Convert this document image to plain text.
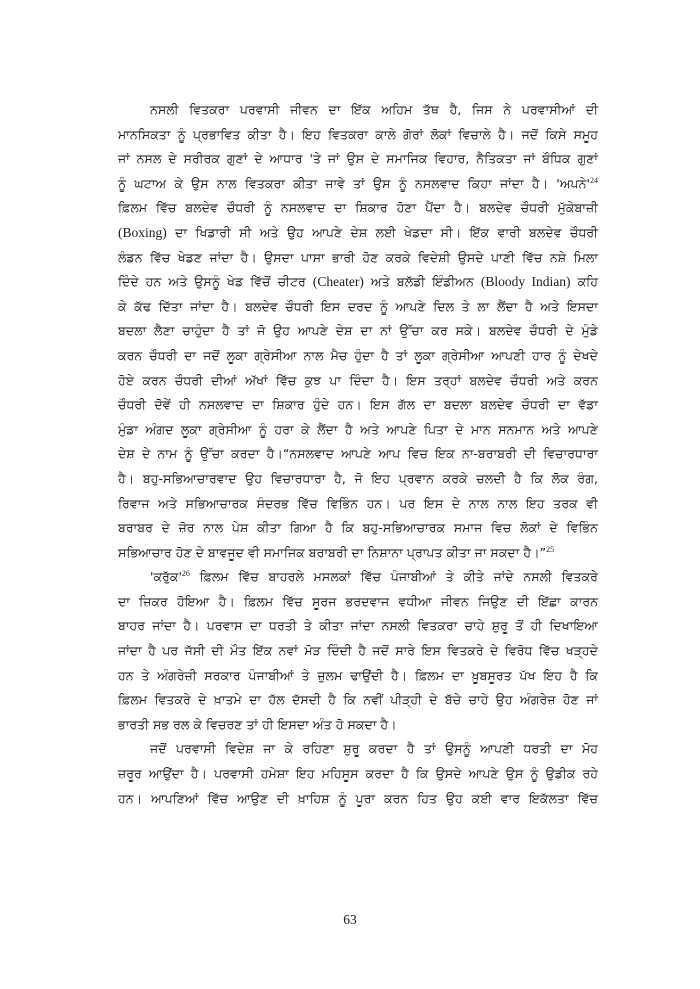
ਨਸਲੀ ਵਿਤਕਰਾ ਪਰਵਾਸੀ ਜੀਵਨ ਦਾ ਇੱਕ ਅਹਿਮ ਤੱਥ ਹੈ, ਜਿਸ ਨੇ ਪਰਵਾਸੀਆਂ ਦੀ
ਮਾਨਸਿਕਤਾ ਨੂੰ ਪ੍ਰਭਾਵਿਤ ਕੀਤਾ ਹੈ। ਇਹ ਵਿਤਕਰਾ ਕਾਲੇ ਗੋਰਾਂ ਲੋਕਾਂ ਵਿਚਾਲੇ ਹੈ। ਜਦੋਂ ਕਿਸੇ ਸਮੂਹ
ਜਾਂ ਨਸਲ ਦੇ ਸਰੀਰਕ ਗੁਣਾਂ ਦੇ ਆਧਾਰ 'ਤੇ ਜਾਂ ਉਸ ਦੇ ਸਮਾਜਿਕ ਵਿਹਾਰ, ਨੈਤਿਕਤਾ ਜਾਂ ਬੌਧਿਕ ਗੁਣਾਂ
ਨੂੰ ਘਟਾਅ ਕੇ ਉਸ ਨਾਲ ਵਿਤਕਰਾ ਕੀਤਾ ਜਾਵੇ ਤਾਂ ਉਸ ਨੂੰ ਨਸਲਵਾਦ ਕਿਹਾ ਜਾਂਦਾ ਹੈ। '$ਅਪਨੇ'^{24}$
ਫ਼ਿਲਮ ਵਿੱਚ ਬਲਦੇਵ ਚੌਧਰੀ ਨੂੰ ਨਸਲਵਾਦ ਦਾ ਸ਼ਿਕਾਰ ਹੋਣਾ ਪੈਂਦਾ ਹੈ। ਬਲਦੇਵ ਚੌਧਰੀ ਮੁੱਕੇਬਾਜ਼ੀ
(Boxing) ਦਾ ਖਿਡਾਰੀ ਸੀ ਅਤੇ ਉਹ ਆਪਣੇ ਦੇਸ਼ ਲਈ ਖੇਡਦਾ ਸੀ। ਇੱਕ ਵਾਰੀ ਬਲਦੇਵ ਚੌਧਰੀ
ਲੰਡਨ ਵਿੱਚ ਖੇਡਣ ਜਾਂਦਾ ਹੈ। ਉਸਦਾ ਪਾਸਾ ਭਾਰੀ ਹੋਣ ਕਰਕੇ ਵਿਦੇਸ਼ੀ ਉਸਦੇ ਪਾਣੀ ਵਿੱਚ ਨਸ਼ੇ ਮਿਲਾ
ਦਿੰਦੇ ਹਨ ਅਤੇ ਉਸਨੂੰ ਖੇਡ ਵਿੱਚੋਂ ਚੀਟਰ (Cheater) ਅਤੇ ਬਲੱਡੀ ਇੰਡੀਅਨ (Bloody Indian) ਕਹਿ
ਕੇ ਕੱਢ ਦਿੱਤਾ ਜਾਂਦਾ ਹੈ। ਬਲਦੇਵ ਚੌਧਰੀ ਇਸ ਦਰਦ ਨੂੰ ਆਪਣੇ ਦਿਲ ਤੇ ਲਾ ਲੈਂਦਾ ਹੈ ਅਤੇ ਇਸਦਾ
ਬਦਲਾ ਲੈਣਾ ਚਾਹੁੰਦਾ ਹੈ ਤਾਂ ਜੋ ਉਹ ਆਪਣੇ ਦੇਸ਼ ਦਾ ਨਾਂ ਉੱਚਾ ਕਰ ਸਕੇ। ਬਲਦੇਵ ਚੌਧਰੀ ਦੇ ਮੁੰਡੇ
ਕਰਨ ਚੌਧਰੀ ਦਾ ਜਦੋਂ ਲੂਕਾ ਗ੍ਰੇਸੀਆ ਨਾਲ ਮੈਚ ਹੁੰਦਾ ਹੈ ਤਾਂ ਲੂਕਾ ਗ੍ਰੇਸੀਆ ਆਪਣੀ ਹਾਰ ਨੂੰ ਦੇਖਦੇ
ਹੋਏ ਕਰਨ ਚੌਧਰੀ ਦੀਆਂ ਅੱਖਾਂ ਵਿੱਚ ਕੁਝ ਪਾ ਦਿੰਦਾ ਹੈ। ਇਸ ਤਰ੍ਹਾਂ ਬਲਦੇਵ ਚੌਧਰੀ ਅਤੇ ਕਰਨ
ਚੌਧਰੀ ਦੋਵੇਂ ਹੀ ਨਸਲਵਾਦ ਦਾ ਸ਼ਿਕਾਰ ਹੁੰਦੇ ਹਨ। ਇਸ ਗੱਲ ਦਾ ਬਦਲਾ ਬਲਦੇਵ ਚੌਧਰੀ ਦਾ ਵੱਡਾ
ਮੁੰਡਾ ਅੰਗਦ ਲੂਕਾ ਗ੍ਰੇਸੀਆ ਨੂੰ ਹਰਾ ਕੇ ਲੈਂਦਾ ਹੈ ਅਤੇ ਆਪਣੇ ਪਿਤਾ ਦੇ ਮਾਨ ਸਨਮਾਨ ਅਤੇ ਆਪਣੇ
ਦੇਸ਼ ਦੇ ਨਾਮ ਨੂੰ ਉੱਚਾ ਕਰਦਾ ਹੈ।“ਨਸਲਵਾਦ ਆਪਣੇ ਆਪ ਵਿਚ ਇਕ ਨਾ-ਬਰਾਬਰੀ ਦੀ ਵਿਚਾਰਧਾਰਾ
ਹੈ। ਬਹੁ-ਸਭਿਆਚਾਰਵਾਦ ਉਹ ਵਿਚਾਰਧਾਰਾ ਹੈ, ਜੋ ਇਹ ਪ੍ਰਵਾਨ ਕਰਕੇ ਚਲਦੀ ਹੈ ਕਿ ਲੋਕ ਰੰਗ,
ਰਿਵਾਜ ਅਤੇ ਸਭਿਆਚਾਰਕ ਸੰਦਰਭ ਵਿੱਚ ਵਿਭਿੰਨ ਹਨ। ਪਰ ਇਸ ਦੇ ਨਾਲ ਨਾਲ ਇਹ ਤਰਕ ਵੀ
ਬਰਾਬਰ ਦੇ ਜ਼ੋਰ ਨਾਲ ਪੇਸ਼ ਕੀਤਾ ਗਿਆ ਹੈ ਕਿ ਬਹੁ-ਸਭਿਆਚਾਰਕ ਸਮਾਜ ਵਿਚ ਲੋਕਾਂ ਦੇ ਵਿਭਿੰਨ
ਸਭਿਆਚਾਰ ਹੋਣ ਦੇ ਬਾਵਜੂਦ ਵੀ ਸਮਾਜਿਕ ਬਰਾਬਰੀ ਦਾ ਨਿਸ਼ਾਨਾ ਪ੍ਰਾਪਤ ਕੀਤਾ ਜਾ ਸਕਦਾ ਹੈ।”$^{25}$
'$ਕਰੁੱਕ'^{26}$ ਫ਼ਿਲਮ ਵਿੱਚ ਬਾਹਰਲੇ ਮਸਲਕਾਂ ਵਿੱਚ ਪੰਜਾਬੀਆਂ ਤੇ ਕੀਤੇ ਜਾਂਦੇ ਨਸਲੀ ਵਿਤਕਰੇ
ਦਾ ਜ਼ਿਕਰ ਹੋਇਆ ਹੈ। ਫ਼ਿਲਮ ਵਿੱਚ ਸੂਰਜ ਭਰਦਵਾਜ ਵਧੀਆ ਜੀਵਨ ਜਿਉਣ ਦੀ ਇੱਛਾ ਕਾਰਨ
ਬਾਹਰ ਜਾਂਦਾ ਹੈ। ਪਰਵਾਸ ਦਾ ਧਰਤੀ ਤੇ ਕੀਤਾ ਜਾਂਦਾ ਨਸਲੀ ਵਿਤਕਰਾ ਚਾਹੇ ਸ਼ੁਰੂ ਤੋਂ ਹੀ ਦਿਖਾਇਆ
ਜਾਂਦਾ ਹੈ ਪਰ ਜੱਸੀ ਦੀ ਮੌਤ ਇੱਕ ਨਵਾਂ ਮੋੜ ਦਿੰਦੀ ਹੈ ਜਦੋਂ ਸਾਰੇ ਇਸ ਵਿਤਕਰੇ ਦੇ ਵਿਰੋਧ ਵਿੱਚ ਖੜ੍ਹਦੇ
ਹਨ ਤੇ ਅੰਗਰੇਜ਼ੀ ਸਰਕਾਰ ਪੰਜਾਬੀਆਂ ਤੇ ਜ਼ੁਲਮ ਢਾਉਂਦੀ ਹੈ। ਫ਼ਿਲਮ ਦਾ ਖ਼ੂਬਸੂਰਤ ਪੱਖ ਇਹ ਹੈ ਕਿ
ਫ਼ਿਲਮ ਵਿਤਕਰੇ ਦੇ ਖ਼ਾਤਮੇ ਦਾ ਹੱਲ ਦੱਸਦੀ ਹੈ ਕਿ ਨਵੀਂ ਪੀੜ੍ਹੀ ਦੇ ਬੱਚੇ ਚਾਹੇ ਉਹ ਅੰਗਰੇਜ਼ ਹੋਣ ਜਾਂ
ਭਾਰਤੀ ਸਭ ਰਲ ਕੇ ਵਿਚਰਣ ਤਾਂ ਹੀ ਇਸਦਾ ਅੰਤ ਹੋ ਸਕਦਾ ਹੈ।
ਜਦੋਂ ਪਰਵਾਸੀ ਵਿਦੇਸ਼ ਜਾ ਕੇ ਰਹਿਣਾ ਸ਼ੁਰੂ ਕਰਦਾ ਹੈ ਤਾਂ ਉਸਨੂੰ ਆਪਣੀ ਧਰਤੀ ਦਾ ਮੋਹ
ਜ਼ਰੂਰ ਆਉਂਦਾ ਹੈ। ਪਰਵਾਸੀ ਹਮੇਸ਼ਾ ਇਹ ਮਹਿਸੂਸ ਕਰਦਾ ਹੈ ਕਿ ਉਸਦੇ ਆਪਣੇ ਉਸ ਨੂੰ ਉਡੀਕ ਰਹੇ
ਹਨ। ਆਪਣਿਆਂ ਵਿੱਚ ਆਉਣ ਦੀ ਖ਼ਾਹਿਸ਼ ਨੂੰ ਪੂਰਾ ਕਰਨ ਹਿਤ ਉਹ ਕਈ ਵਾਰ ਇਕੱਲਤਾ ਵਿੱਚ
63
